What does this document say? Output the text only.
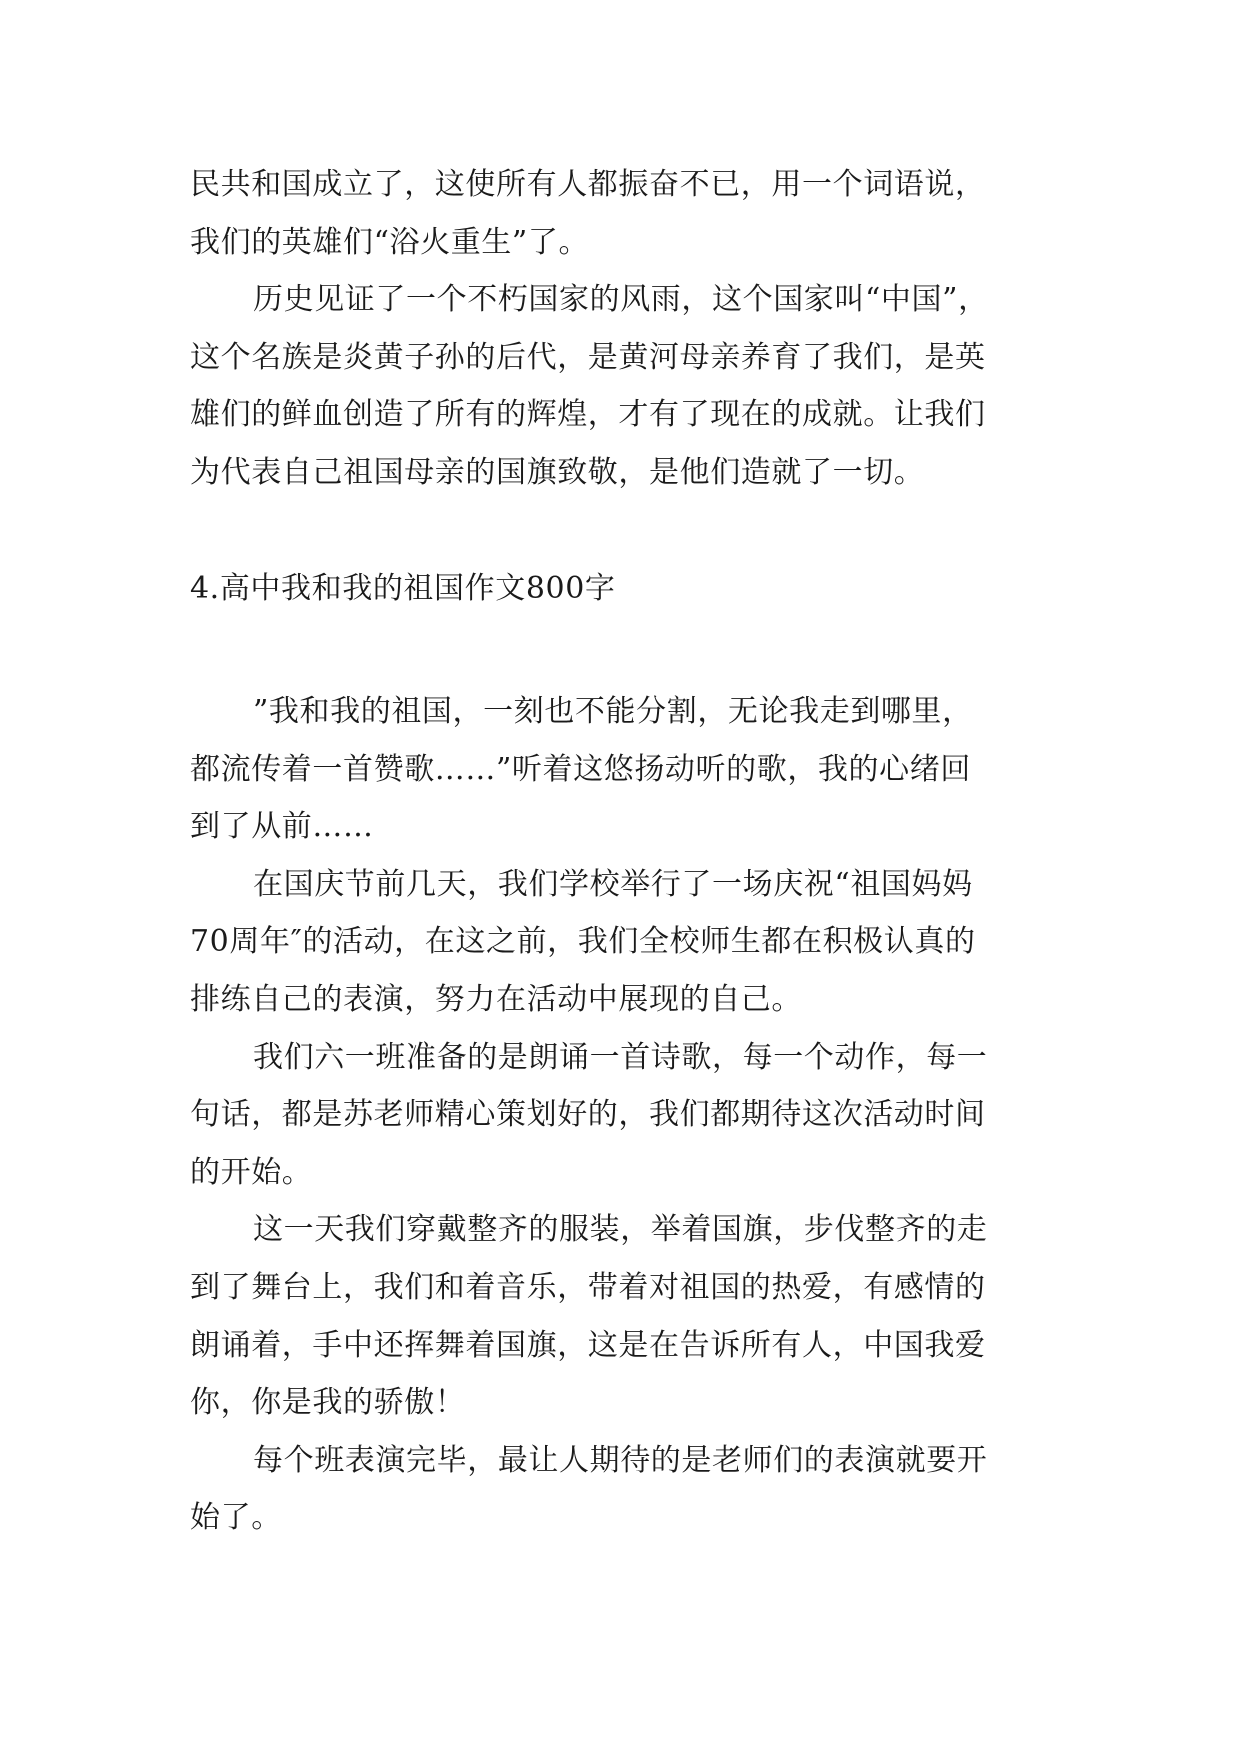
民共和国成立了，这使所有人都振奋不已，用一个词语说，
我们的英雄们“浴火重生”了。
历史见证了一个不朽国家的风雨，这个国家叫“中国”，
这个名族是炎黄子孙的后代，是黄河母亲养育了我们，是英
雄们的鲜血创造了所有的辉煌，才有了现在的成就。让我们
为代表自己祖国母亲的国旗致敬，是他们造就了一切。
4.高中我和我的祖国作文800字
”我和我的祖国，一刻也不能分割，无论我走到哪里，
都流传着一首赞歌……”听着这悠扬动听的歌，我的心绪回
到了从前……
在国庆节前几天，我们学校举行了一场庆祝“祖国妈妈
70周年″的活动，在这之前，我们全校师生都在积极认真的
排练自己的表演，努力在活动中展现的自己。
我们六一班准备的是朗诵一首诗歌，每一个动作，每一
句话，都是苏老师精心策划好的，我们都期待这次活动时间
的开始。
这一天我们穿戴整齐的服装，举着国旗，步伐整齐的走
到了舞台上，我们和着音乐，带着对祖国的热爱，有感情的
朗诵着，手中还挥舞着国旗，这是在告诉所有人，中国我爱
你，你是我的骄傲！
每个班表演完毕，最让人期待的是老师们的表演就要开
始了。
